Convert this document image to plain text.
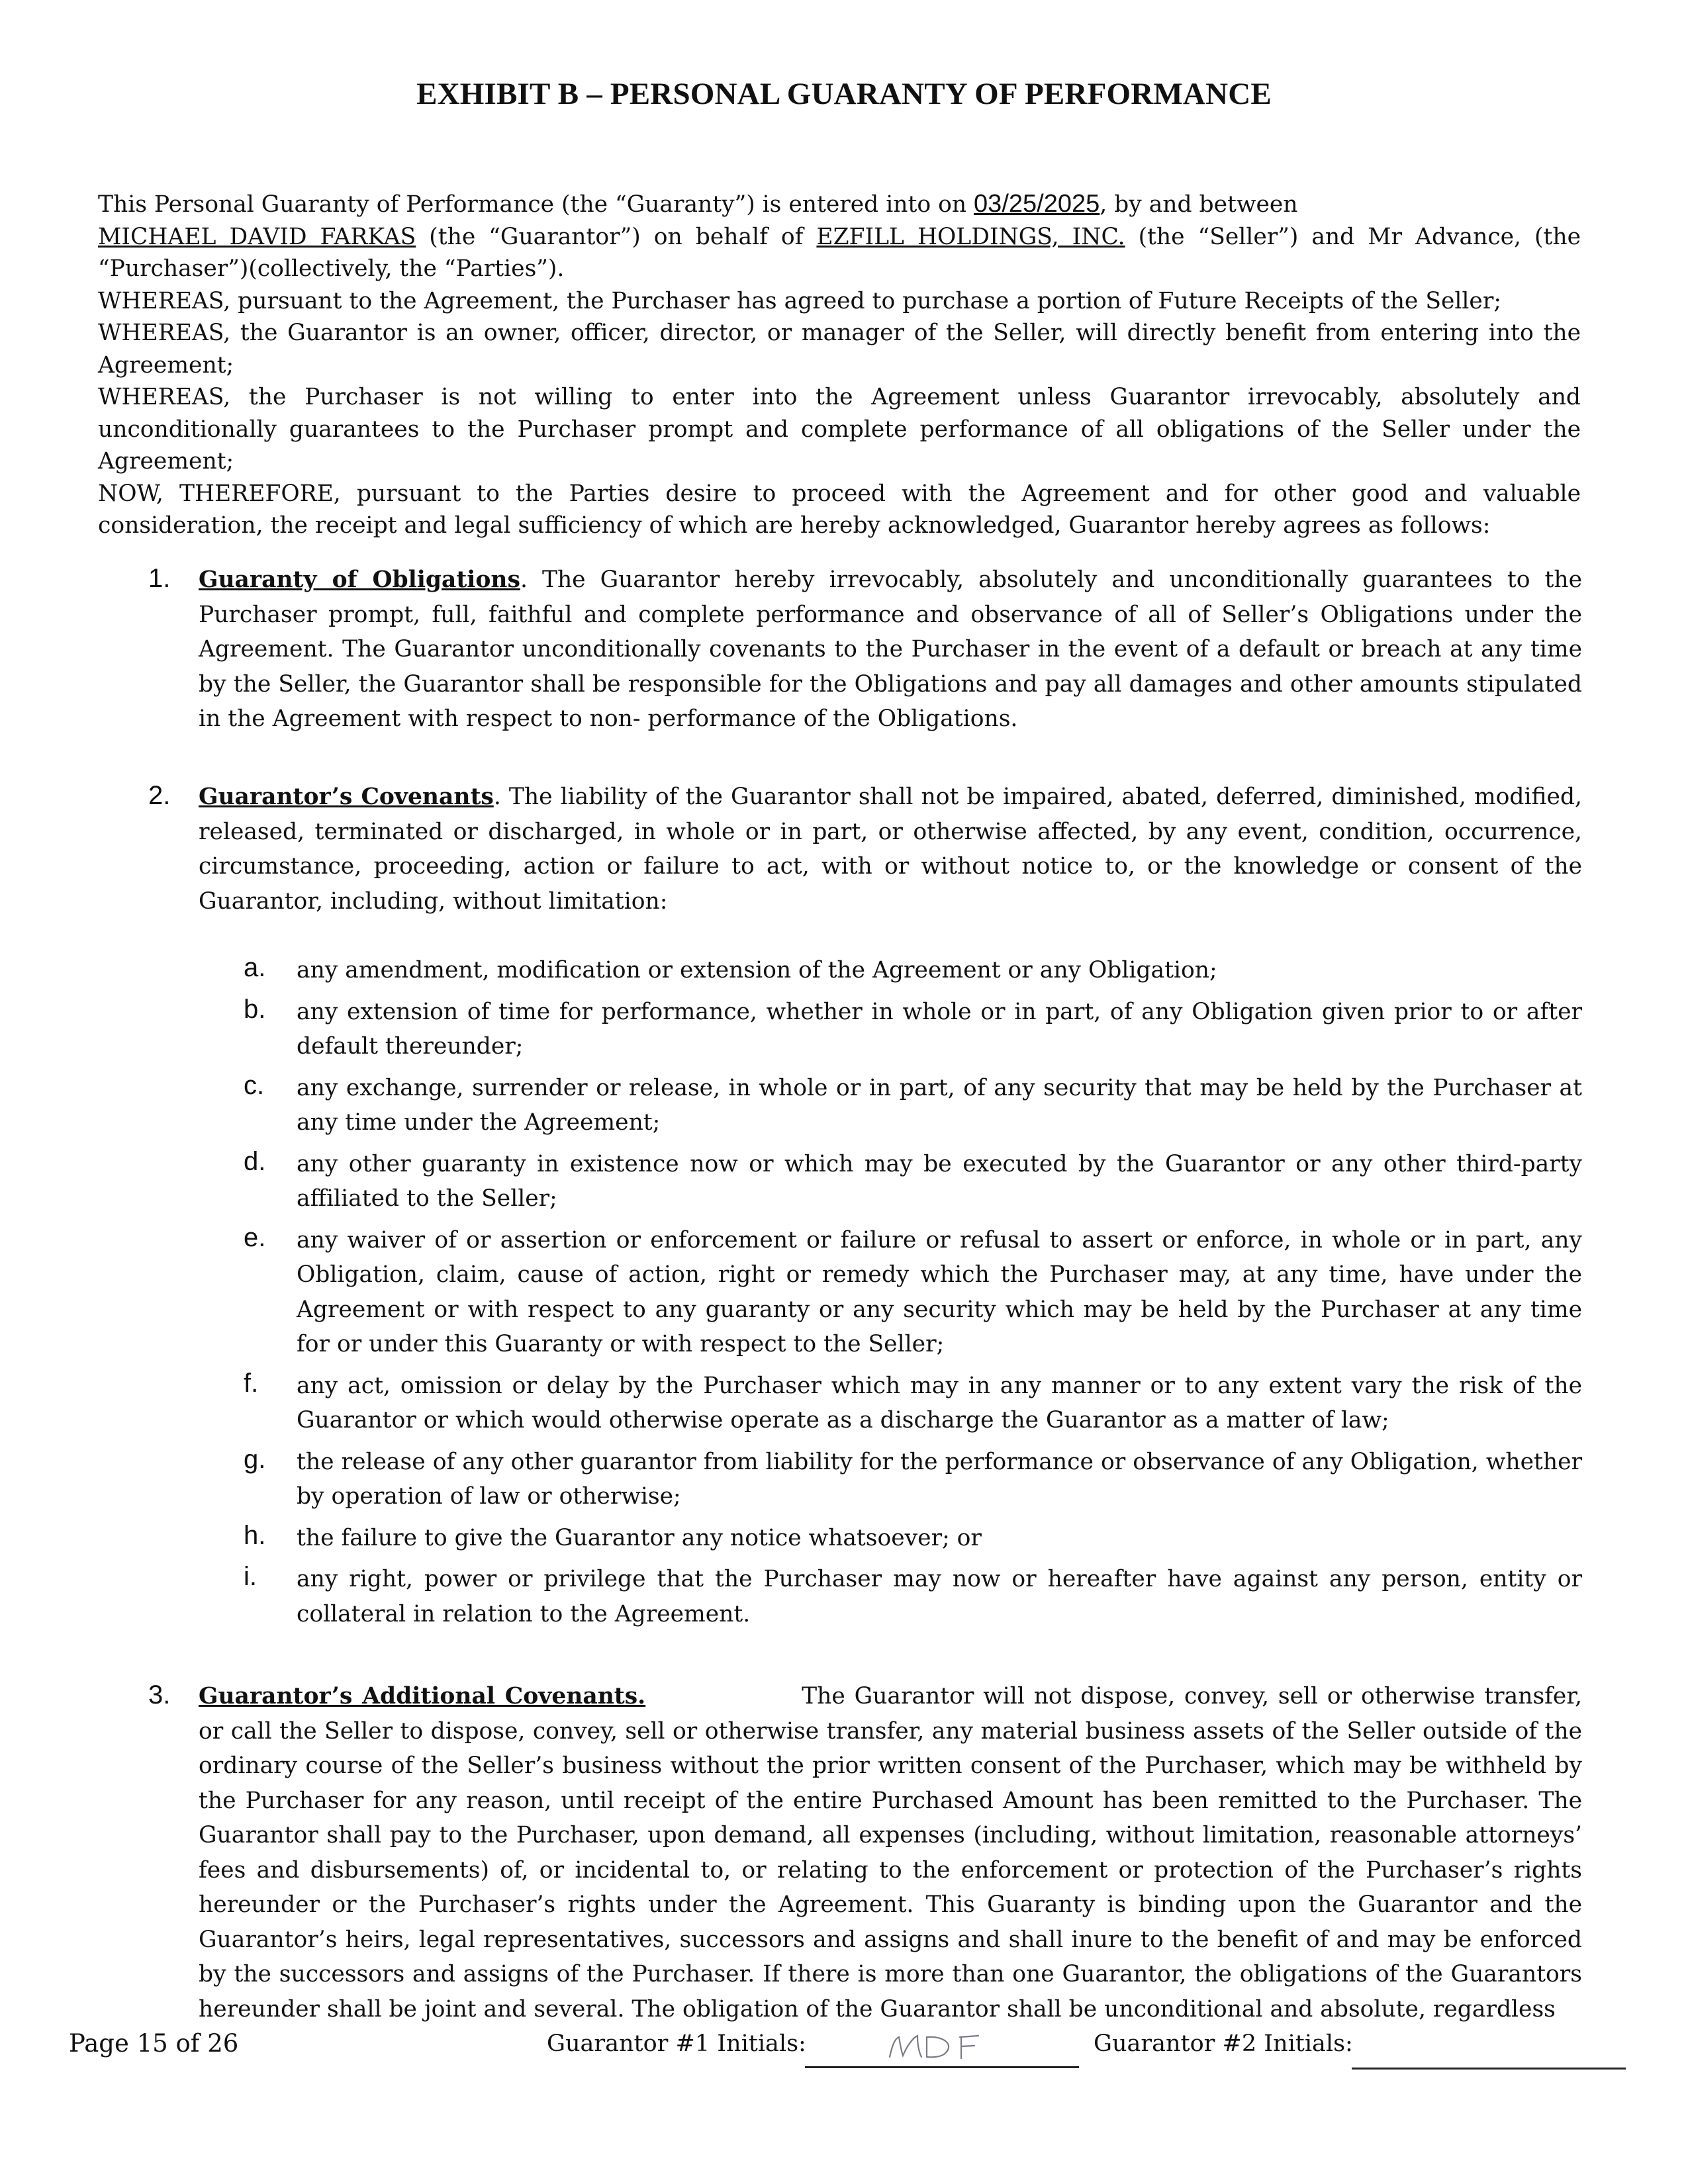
EXHIBIT B – PERSONAL GUARANTY OF PERFORMANCE

This Personal Guaranty of Performance (the “Guaranty”) is entered into on 03/25/2025, by and between
MICHAEL DAVID FARKAS (the “Guarantor”) on behalf of EZFILL HOLDINGS, INC. (the “Seller”) and Mr Advance, (the “Purchaser”)(collectively, the “Parties”).

WHEREAS, pursuant to the Agreement, the Purchaser has agreed to purchase a portion of Future Receipts of the Seller;

WHEREAS, the Guarantor is an owner, officer, director, or manager of the Seller, will directly benefit from entering into the Agreement;

WHEREAS, the Purchaser is not willing to enter into the Agreement unless Guarantor irrevocably, absolutely and unconditionally guarantees to the Purchaser prompt and complete performance of all obligations of the Seller under the Agreement;

NOW, THEREFORE, pursuant to the Parties desire to proceed with the Agreement and for other good and valuable consideration, the receipt and legal sufficiency of which are hereby acknowledged, Guarantor hereby agrees as follows:

1. Guaranty of Obligations. The Guarantor hereby irrevocably, absolutely and unconditionally guarantees to the Purchaser prompt, full, faithful and complete performance and observance of all of Seller’s Obligations under the Agreement. The Guarantor unconditionally covenants to the Purchaser in the event of a default or breach at any time by the Seller, the Guarantor shall be responsible for the Obligations and pay all damages and other amounts stipulated in the Agreement with respect to non- performance of the Obligations.
2. Guarantor’s Covenants. The liability of the Guarantor shall not be impaired, abated, deferred, diminished, modified, released, terminated or discharged, in whole or in part, or otherwise affected, by any event, condition, occurrence, circumstance, proceeding, action or failure to act, with or without notice to, or the knowledge or consent of the Guarantor, including, without limitation:
a. any amendment, modification or extension of the Agreement or any Obligation;
b. any extension of time for performance, whether in whole or in part, of any Obligation given prior to or after default thereunder;
c. any exchange, surrender or release, in whole or in part, of any security that may be held by the Purchaser at any time under the Agreement;
d. any other guaranty in existence now or which may be executed by the Guarantor or any other third-party affiliated to the Seller;
e. any waiver of or assertion or enforcement or failure or refusal to assert or enforce, in whole or in part, any Obligation, claim, cause of action, right or remedy which the Purchaser may, at any time, have under the Agreement or with respect to any guaranty or any security which may be held by the Purchaser at any time for or under this Guaranty or with respect to the Seller;
f. any act, omission or delay by the Purchaser which may in any manner or to any extent vary the risk of the Guarantor or which would otherwise operate as a discharge the Guarantor as a matter of law;
g. the release of any other guarantor from liability for the performance or observance of any Obligation, whether by operation of law or otherwise;
h. the failure to give the Guarantor any notice whatsoever; or
i. any right, power or privilege that the Purchaser may now or hereafter have against any person, entity or collateral in relation to the Agreement.
3. Guarantor’s Additional Covenants.	The Guarantor will not dispose, convey, sell or otherwise transfer, or call the Seller to dispose, convey, sell or otherwise transfer, any material business assets of the Seller outside of the ordinary course of the Seller’s business without the prior written consent of the Purchaser, which may be withheld by the Purchaser for any reason, until receipt of the entire Purchased Amount has been remitted to the Purchaser. The Guarantor shall pay to the Purchaser, upon demand, all expenses (including, without limitation, reasonable attorneys’ fees and disbursements) of, or incidental to, or relating to the enforcement or protection of the Purchaser’s rights hereunder or the Purchaser’s rights under the Agreement. This Guaranty is binding upon the Guarantor and the Guarantor’s heirs, legal representatives, successors and assigns and shall inure to the benefit of and may be enforced by the successors and assigns of the Purchaser. If there is more than one Guarantor, the obligations of the Guarantors hereunder shall be joint and several. The obligation of the Guarantor shall be unconditional and absolute, regardless
Page 15 of 26	Guarantor #1 Initials:	Guarantor #2 Initials:
